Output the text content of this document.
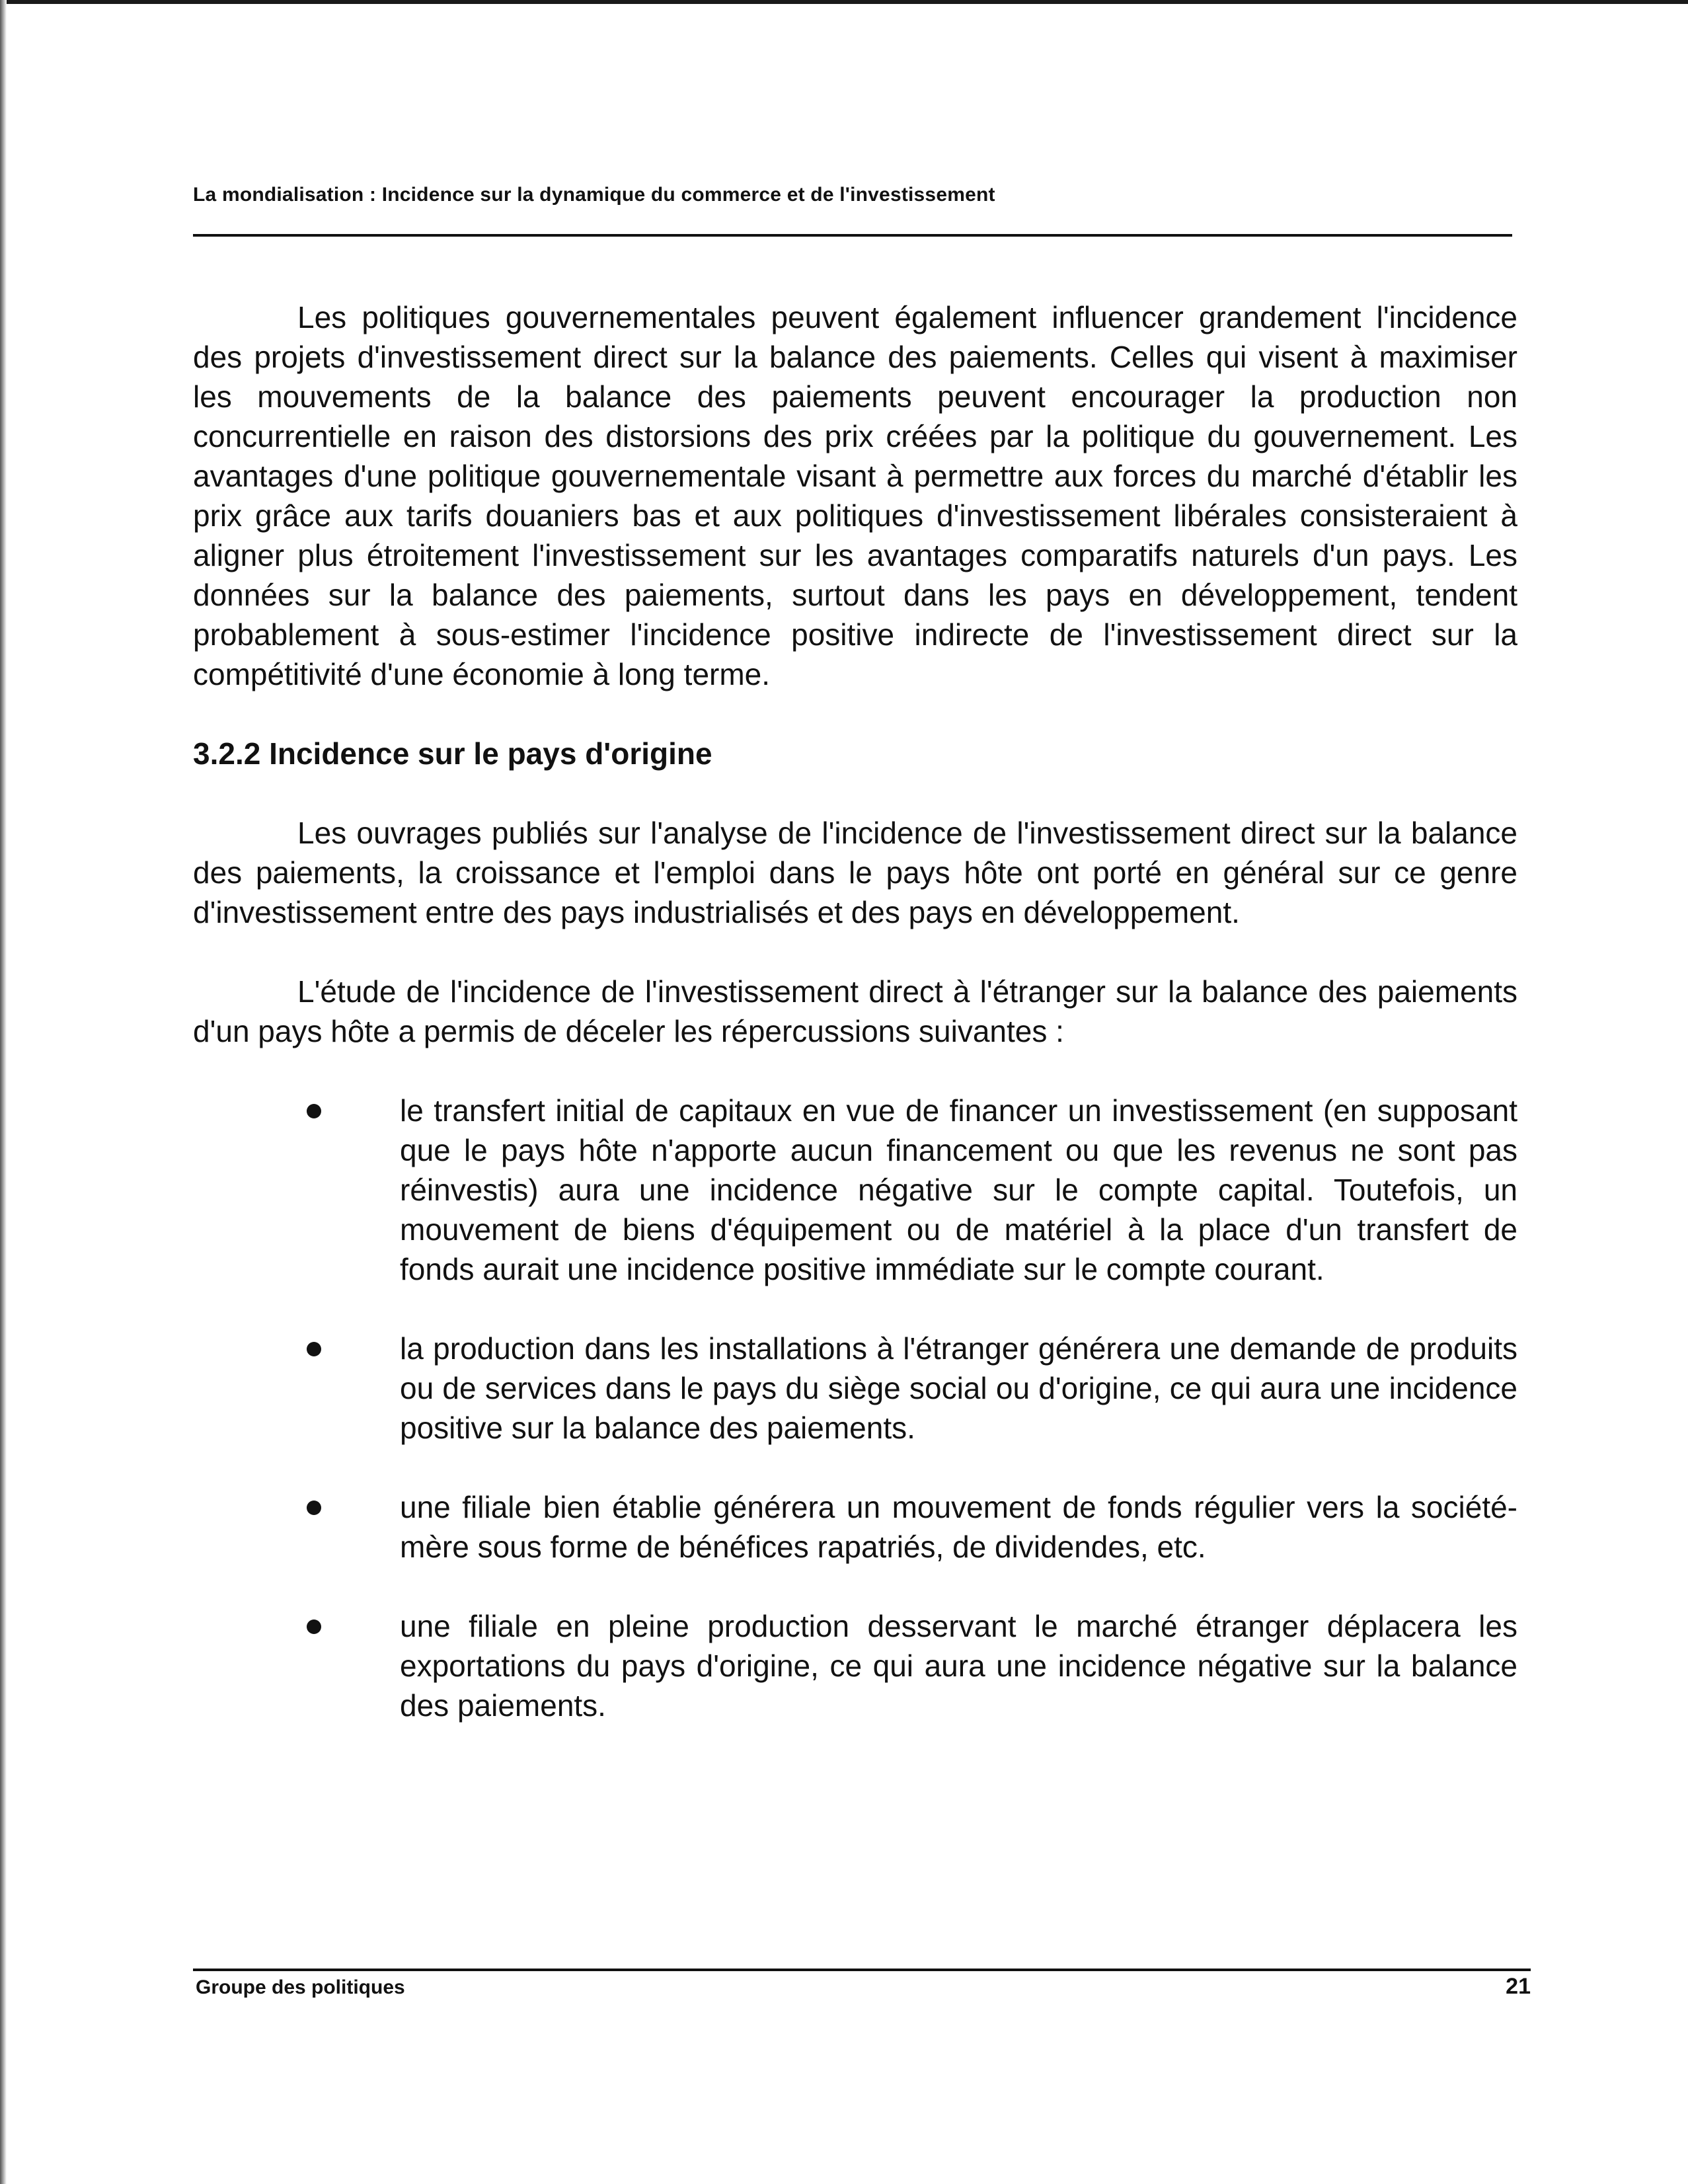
La mondialisation : Incidence sur la dynamique du commerce et de l'investissement

Les politiques gouvernementales peuvent également influencer grandement l'incidence des projets d'investissement direct sur la balance des paiements. Celles qui visent à maximiser les mouvements de la balance des paiements peuvent encourager la production non concurrentielle en raison des distorsions des prix créées par la politique du gouvernement. Les avantages d'une politique gouvernementale visant à permettre aux forces du marché d'établir les prix grâce aux tarifs douaniers bas et aux politiques d'investissement libérales consisteraient à aligner plus étroitement l'investissement sur les avantages comparatifs naturels d'un pays. Les données sur la balance des paiements, surtout dans les pays en développement, tendent probablement à sous-estimer l'incidence positive indirecte de l'investissement direct sur la compétitivité d'une économie à long terme.

3.2.2 Incidence sur le pays d'origine

Les ouvrages publiés sur l'analyse de l'incidence de l'investissement direct sur la balance des paiements, la croissance et l'emploi dans le pays hôte ont porté en général sur ce genre d'investissement entre des pays industrialisés et des pays en développement.

L'étude de l'incidence de l'investissement direct à l'étranger sur la balance des paiements d'un pays hôte a permis de déceler les répercussions suivantes :

le transfert initial de capitaux en vue de financer un investissement (en supposant que le pays hôte n'apporte aucun financement ou que les revenus ne sont pas réinvestis) aura une incidence négative sur le compte capital. Toutefois, un mouvement de biens d'équipement ou de matériel à la place d'un transfert de fonds aurait une incidence positive immédiate sur le compte courant.
la production dans les installations à l'étranger générera une demande de produits ou de services dans le pays du siège social ou d'origine, ce qui aura une incidence positive sur la balance des paiements.
une filiale bien établie générera un mouvement de fonds régulier vers la société-mère sous forme de bénéfices rapatriés, de dividendes, etc.
une filiale en pleine production desservant le marché étranger déplacera les exportations du pays d'origine, ce qui aura une incidence négative sur la balance des paiements.
Groupe des politiques	21
